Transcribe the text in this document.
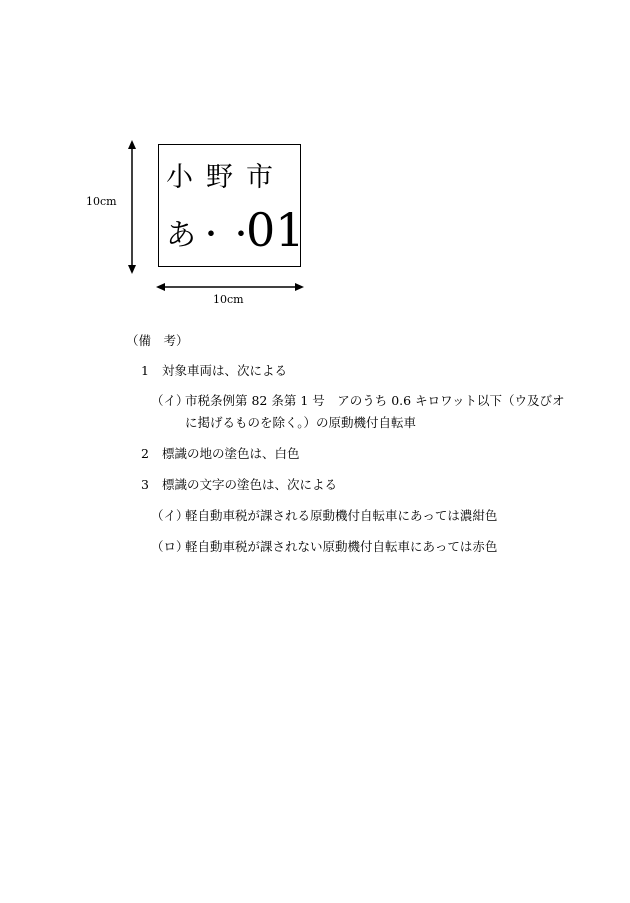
10cm
小野市
あ・・
01
10cm
（備　考）
1 対象車両は、次による
（イ）
市税条例第 82 条第 1 号　アのうち 0.6 キロワット以下（ウ及びオ
に掲げるものを除く。）の原動機付自転車
2 標識の地の塗色は、白色
3 標識の文字の塗色は、次による
（イ）
軽自動車税が課される原動機付自転車にあっては濃紺色
（ロ）
軽自動車税が課されない原動機付自転車にあっては赤色
